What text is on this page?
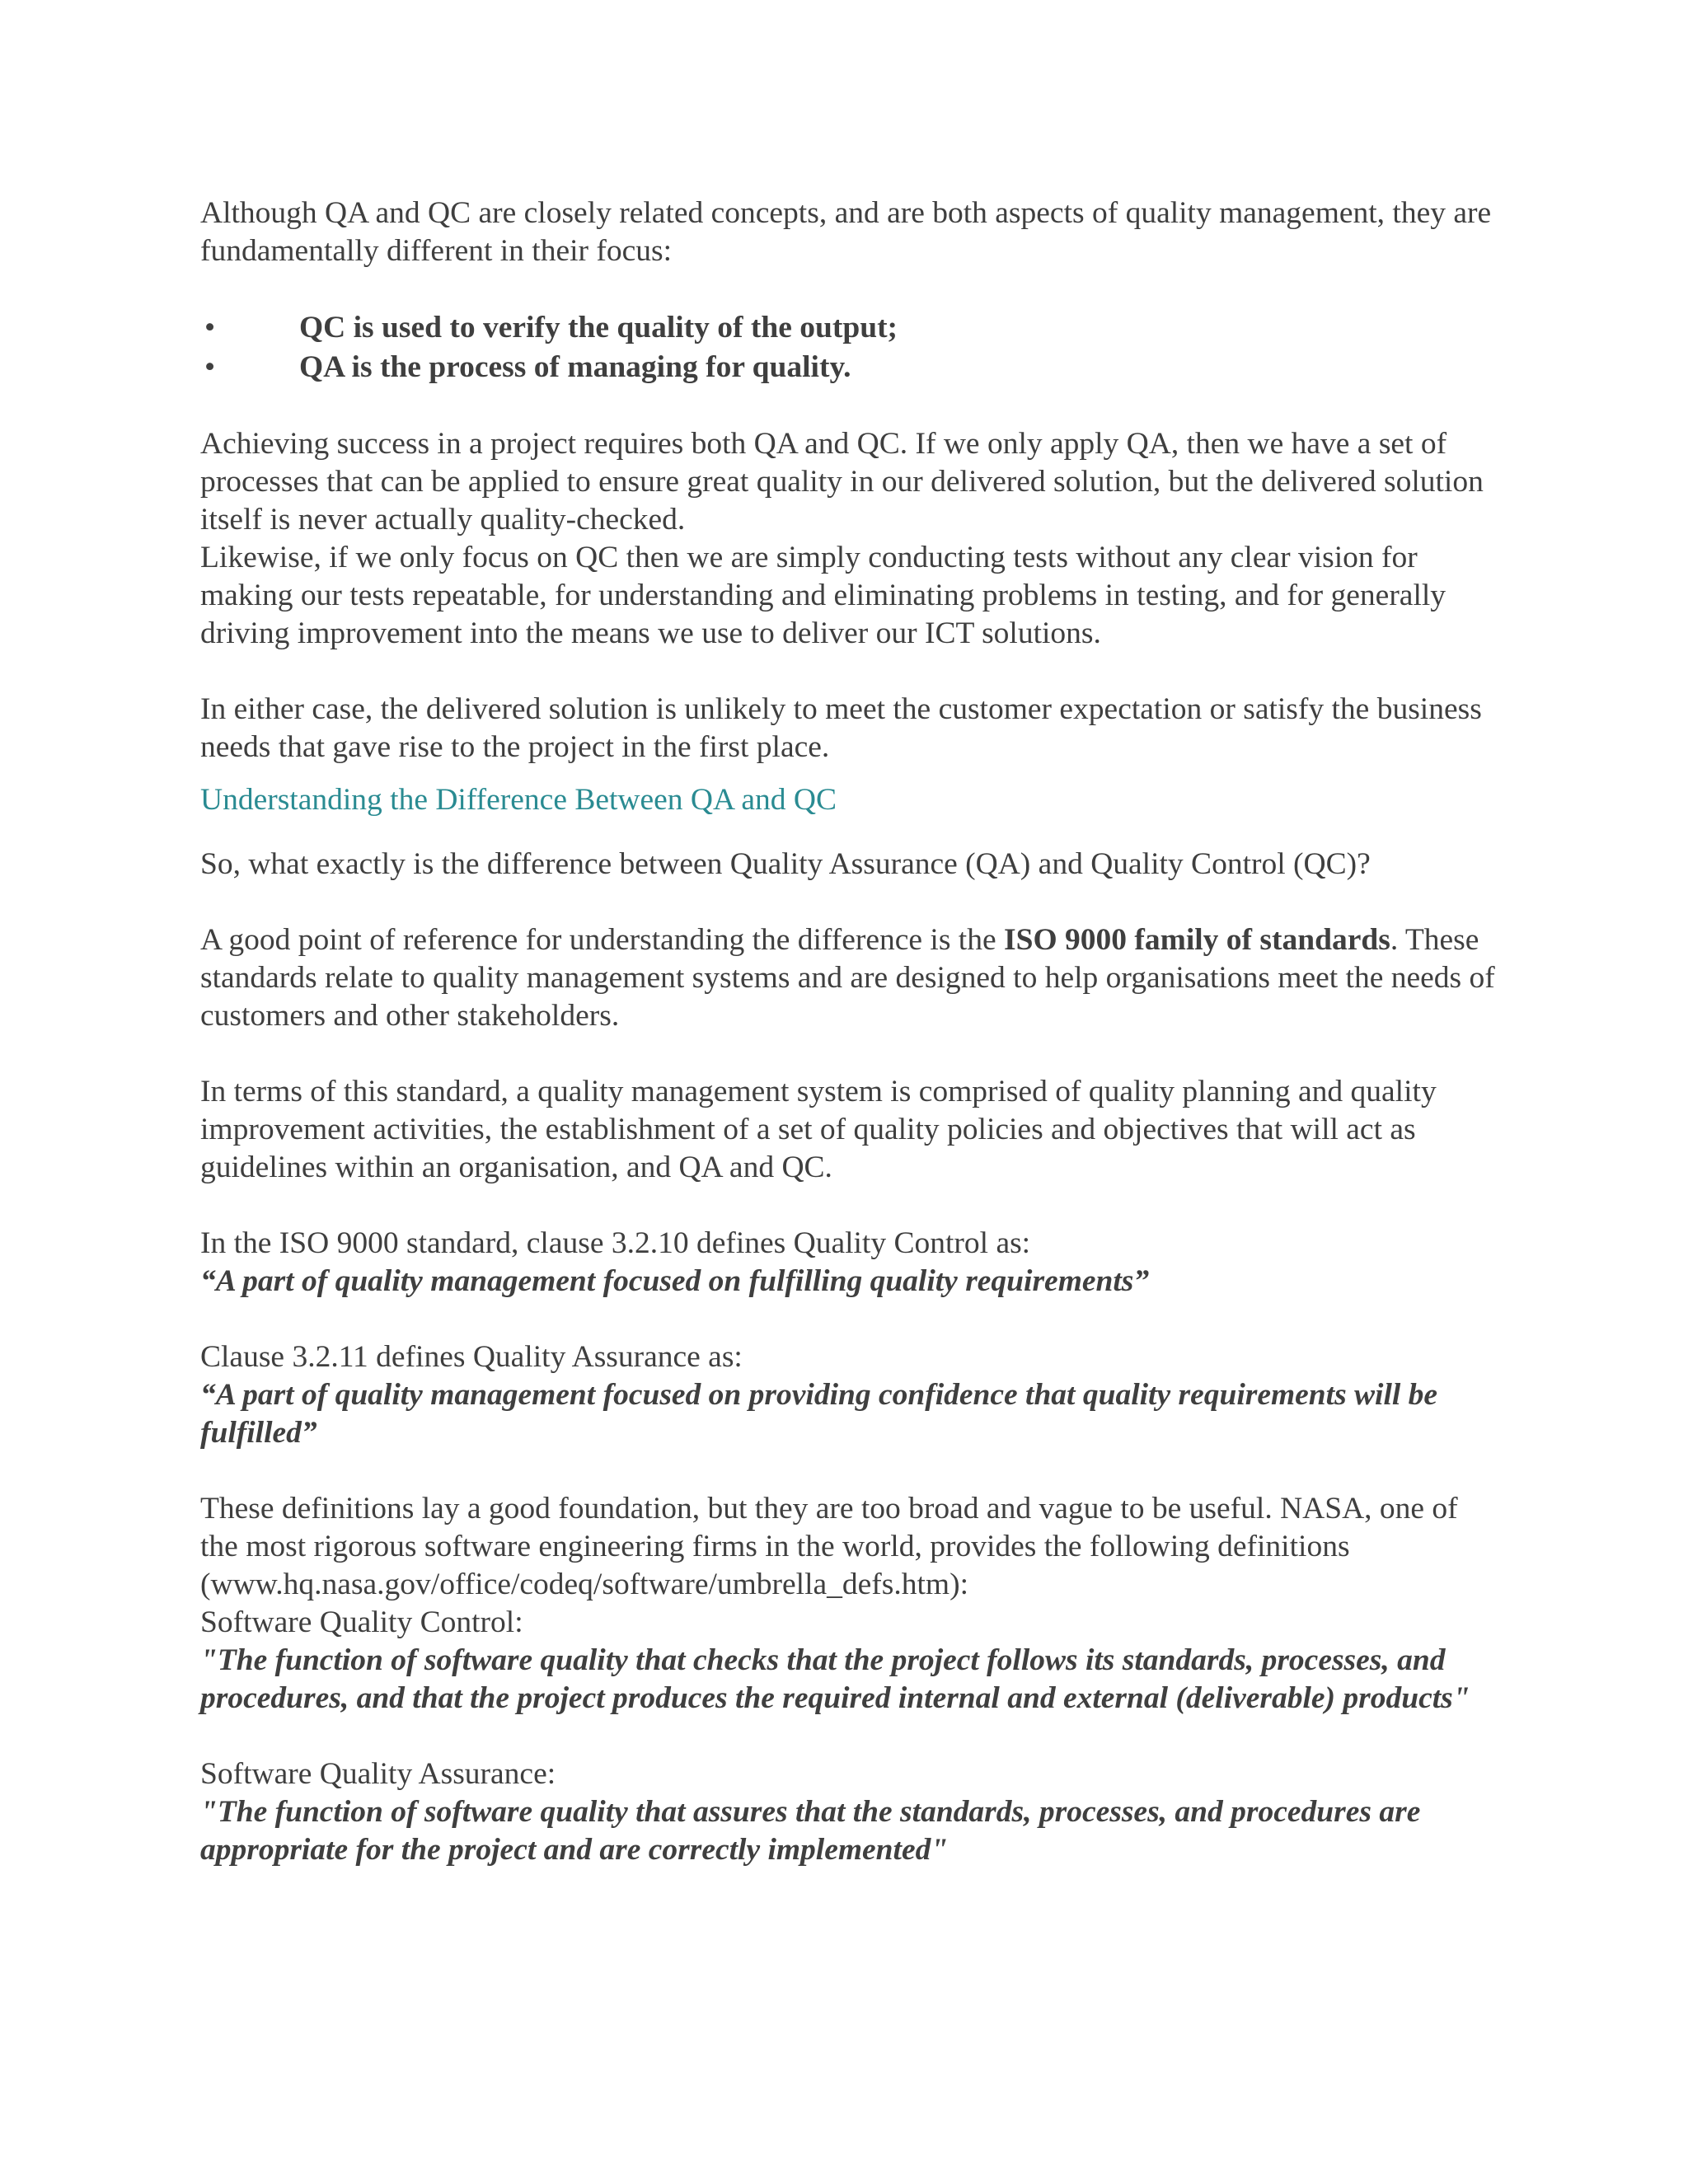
Although QA and QC are closely related concepts, and are both aspects of quality management, they are fundamentally different in their focus:

•	QC is used to verify the quality of the output;
•	QA is the process of managing for quality.

Achieving success in a project requires both QA and QC. If we only apply QA, then we have a set of processes that can be applied to ensure great quality in our delivered solution, but the delivered solution itself is never actually quality-checked.

Likewise, if we only focus on QC then we are simply conducting tests without any clear vision for making our tests repeatable, for understanding and eliminating problems in testing, and for generally driving improvement into the means we use to deliver our ICT solutions.

In either case, the delivered solution is unlikely to meet the customer expectation or satisfy the business needs that gave rise to the project in the first place.

Understanding the Difference Between QA and QC

So, what exactly is the difference between Quality Assurance (QA) and Quality Control (QC)?

A good point of reference for understanding the difference is the ISO 9000 family of standards. These standards relate to quality management systems and are designed to help organisations meet the needs of customers and other stakeholders.

In terms of this standard, a quality management system is comprised of quality planning and quality improvement activities, the establishment of a set of quality policies and objectives that will act as guidelines within an organisation, and QA and QC.

In the ISO 9000 standard, clause 3.2.10 defines Quality Control as:

“A part of quality management focused on fulfilling quality requirements”

Clause 3.2.11 defines Quality Assurance as:

“A part of quality management focused on providing confidence that quality requirements will be fulfilled”

These definitions lay a good foundation, but they are too broad and vague to be useful. NASA, one of the most rigorous software engineering firms in the world, provides the following definitions (www.hq.nasa.gov/office/codeq/software/umbrella_defs.htm):

Software Quality Control:

"The function of software quality that checks that the project follows its standards, processes, and procedures, and that the project produces the required internal and external (deliverable) products"

Software Quality Assurance:

"The function of software quality that assures that the standards, processes, and procedures are appropriate for the project and are correctly implemented"
